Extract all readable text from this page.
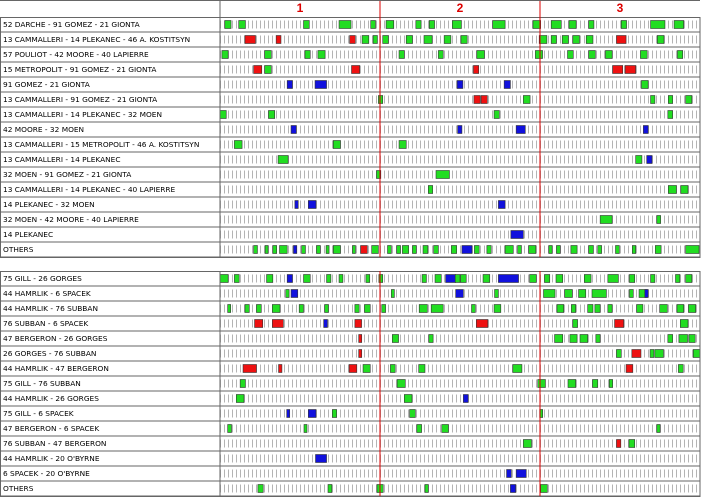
1	2	3
52 DARCHE - 91 GOMEZ - 21 GIONTA
13 CAMMALLERI - 14 PLEKANEC - 46 A. KOSTITSYN
57 POULIOT - 42 MOORE - 40 LAPIERRE
15 METROPOLIT - 91 GOMEZ - 21 GIONTA
91 GOMEZ - 21 GIONTA
13 CAMMALLERI - 91 GOMEZ - 21 GIONTA
13 CAMMALLERI - 14 PLEKANEC - 32 MOEN
42 MOORE - 32 MOEN
13 CAMMALLERI - 15 METROPOLIT - 46 A. KOSTITSYN
13 CAMMALLERI - 14 PLEKANEC
32 MOEN - 91 GOMEZ - 21 GIONTA
13 CAMMALLERI - 14 PLEKANEC - 40 LAPIERRE
14 PLEKANEC - 32 MOEN
32 MOEN - 42 MOORE - 40 LAPIERRE
14 PLEKANEC
OTHERS
75 GILL - 26 GORGES
44 HAMRLIK - 6 SPACEK
44 HAMRLIK - 76 SUBBAN
76 SUBBAN - 6 SPACEK
47 BERGERON - 26 GORGES
26 GORGES - 76 SUBBAN
44 HAMRLIK - 47 BERGERON
75 GILL - 76 SUBBAN
44 HAMRLIK - 26 GORGES
75 GILL - 6 SPACEK
47 BERGERON - 6 SPACEK
76 SUBBAN - 47 BERGERON
44 HAMRLIK - 20 O'BYRNE
6 SPACEK - 20 O'BYRNE
OTHERS
